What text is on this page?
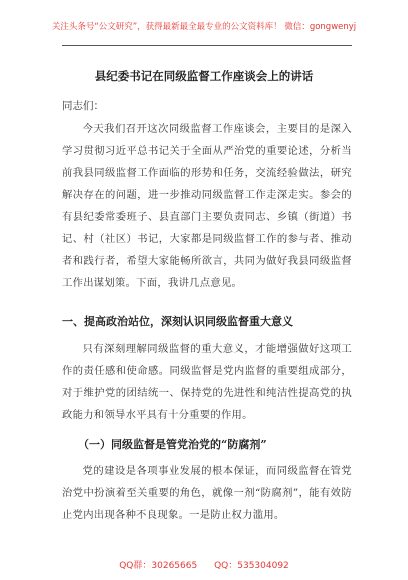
关注头条号“公文研究”，获得最新最全最专业的公文资料库！ 微信：gongwenyj
县纪委书记在同级监督工作座谈会上的讲话
同志们：
今天我们召开这次同级监督工作座谈会，主要目的是深入学习贯彻习近平总书记关于全面从严治党的重要论述，分析当前我县同级监督工作面临的形势和任务，交流经验做法，研究解决存在的问题，进一步推动同级监督工作走深走实。参会的有县纪委常委班子、县直部门主要负责同志、乡镇（街道）书记、村（社区）书记，大家都是同级监督工作的参与者、推动者和践行者，希望大家能畅所欲言，共同为做好我县同级监督工作出谋划策。下面，我讲几点意见。
一、提高政治站位，深刻认识同级监督重大意义
只有深刻理解同级监督的重大意义，才能增强做好这项工作的责任感和使命感。同级监督是党内监督的重要组成部分，对于维护党的团结统一、保持党的先进性和纯洁性提高党的执政能力和领导水平具有十分重要的作用。
（一）同级监督是管党治党的“防腐剂”
党的建设是各项事业发展的根本保证，而同级监督在管党治党中扮演着至关重要的角色，就像一剂“防腐剂”，能有效防止党内出现各种不良现象。一是防止权力滥用。
QQ群：30265665 QQ：535304092
